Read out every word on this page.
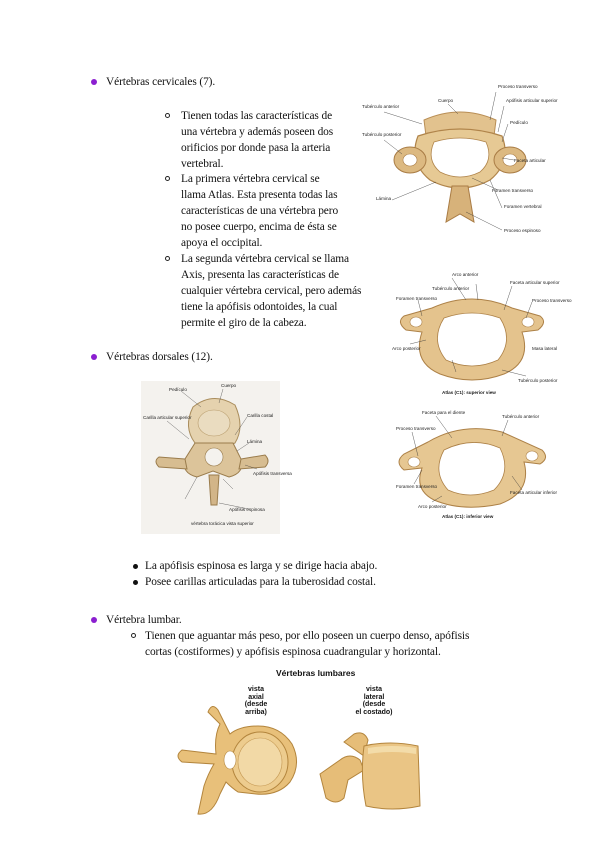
Vértebras cervicales (7).
Tienen todas las características de
una vértebra y además poseen dos
orificios por donde pasa la arteria
vertebral.
La primera vértebra cervical se
llama Atlas. Esta presenta todas las
características de una vértebra pero
no posee cuerpo, encima de ésta se
apoya el occipital.
La segunda vértebra cervical se llama
Axis, presenta las características de
cualquier vértebra cervical, pero además
tiene la apófisis odontoides, la cual
permite el giro de la cabeza.
Tubérculo anterior
Cuerpo
Proceso transverso
Apófisis articular superior
Pedículo
Tubérculo posterior
Faceta articular
Lámina
Foramen transverso
Foramen vertebral
Proceso espinoso
Arco anterior
Tubérculo anterior
Faceta articular superior
Foramen transverso	Proceso transverso
Masa lateral
Arco posterior
Tubérculo posterior
Atlas (C1): superior view
Faceta para el diente
Tubérculo anterior
Proceso transverso
Foramen transverso
Faceta articular inferior
Arco posterior
Atlas (C1): inferior view
Vértebras dorsales (12).
Cuerpo
Pedículo
Carilla articular superior	Carilla costal
Lámina
Apófisis transversa
Apófisis espinosa
vértebra torácica vista superior
La apófisis espinosa es larga y se dirige hacia abajo.
Posee carillas articuladas para la tuberosidad costal.
Vértebra lumbar.
Tienen que aguantar más peso, por ello poseen un cuerpo denso, apófisis
cortas (costiformes) y apófisis espinosa cuadrangular y horizontal.
Vértebras lumbares
vista
axial
(desde
arriba)
vista
lateral
(desde
el costado)
